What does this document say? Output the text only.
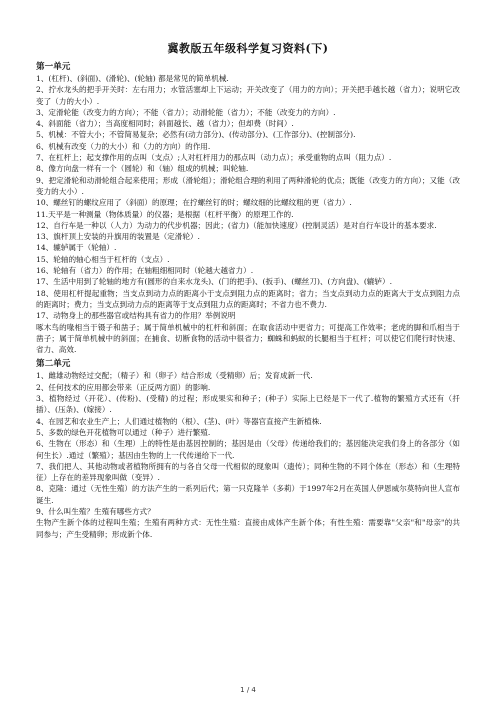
冀教版五年级科学复习资料(下)
第一单元

1、(杠杆)、(斜面)、(滑轮)、(轮轴) 都是常见的简单机械.

2、拧水龙头的把手开关时：左右用力；水管活塞却上下运动；开关改变了（用力的方向）；开关把手越长越（省力）；说明它改变了（力的大小）.

3、定滑轮能（改变力的方向）；不能（省力）；动滑轮能（省力）；不能（改变力的方向）.

4、斜面能（省力）；当高度相同时；斜面越长、越（省力）；但却费（时间）.

5、机械：不管大小；不管简易复杂；必然有(动力部分)、(传动部分)、(工作部分)、(控制部分).

6、机械有改变（力的大小）和（力的方向）的作用.

7、在杠杆上；起支撑作用的点叫（支点）;人对杠杆用力的那点叫（动力点）；承受重物的点叫（阻力点）.

8、像方向盘一样有一个（圆轮）和（轴）组成的机械；叫轮轴.

9、把定滑轮和动滑轮组合起来使用；形成（滑轮组）；滑轮组合理的利用了两种滑轮的优点；既能（改变力的方向）；又能（改变力的大小）.

10、螺丝钉的螺纹应用了（斜面）的原理；在拧螺丝钉的时；螺纹细的比螺纹粗的更（省力）.

11.天平是一种测量（物体质量）的仪器；是根据（杠杆平衡）的原理工作的.

12、自行车是一种以（人力）为动力的代步机器；因此；(省力)（能加快速度）(控制灵活）是对自行车设计的基本要求.

13、旗杆顶上安装的升旗用的装置是（定滑轮）.

14、辘轳属于（轮轴）.

15、轮轴的轴心相当于杠杆的（支点）.

16、轮轴有（省力）的作用；在轴粗细相同时（轮越大越省力）.

17、生活中用到了轮轴的地方有(圆形的自来水龙头)、(门的把手)、(扳手)、(螺丝刀)、(方向盘)、(辘轳）.

18、使用杠杆提起重物；当支点到动力点的距离小于支点到阻力点的距离时；省力；当支点到动力点的距离大于支点到阻力点的距离时；费力；当支点到动力点的距离等于支点到阻力点的距离时；不省力也不费力.

17、动物身上的那些器官或结构具有省力的作用？举例说明

啄木鸟的喙相当于镊子和凿子；属于简单机械中的杠杆和斜面；在取食活动中更省力；可提高工作效率；老虎的脚和爪相当于凿子；属于简单机械中的斜面；在捕食、切断食物的活动中很省力；蜘蛛和蚂蚁的长腿相当于杠杆；可以使它们爬行时快速、省力、高效.

第二单元

1、雌雄动物经过交配；（精子）和（卵子）结合形成（受精卵）后；发育成新一代.

2、任何技术的应用都会带来（正反两方面）的影响.

3、植物经过（开花）、(传粉)、(受精) 的过程；形成果实和种子；(种子）实际上已经是下一代了.植物的繁殖方式还有（扦插）、(压条)、(嫁接）.

4、在园艺和农业生产上；人们通过植物的（根）、(茎)、(叶）等器官直接产生新植株.

5、多数的绿色开花植物可以通过（种子）进行繁殖.

6、生物在（形态）和（生理）上的特性是由基因控制的；基因是由（父母）传递给我们的；基因能决定我们身上的各部分（如何生长）.通过（繁殖）；基因由生物的上一代传递给下一代.

7、我们把人、其他动物或者植物所拥有的与各自父母一代相似的现象叫（遗传）；同种生物的不同个体在（形态）和（生理特征）上存在的差异现象叫做（变异）.

8、克隆：通过（无性生殖）的方法产生的一系列后代；第一只克隆羊（多莉）于1997年2月在英国人伊恩威尔莫特向世人宣布诞生.

9、什么叫生殖？生殖有哪些方式？

生物产生新个体的过程叫生殖；生殖有两种方式：无性生殖：直接由成体产生新个体；有性生殖：需要靠"父亲"和"母亲"的共同参与；产生受精卵；形成新个体.

1 / 4
